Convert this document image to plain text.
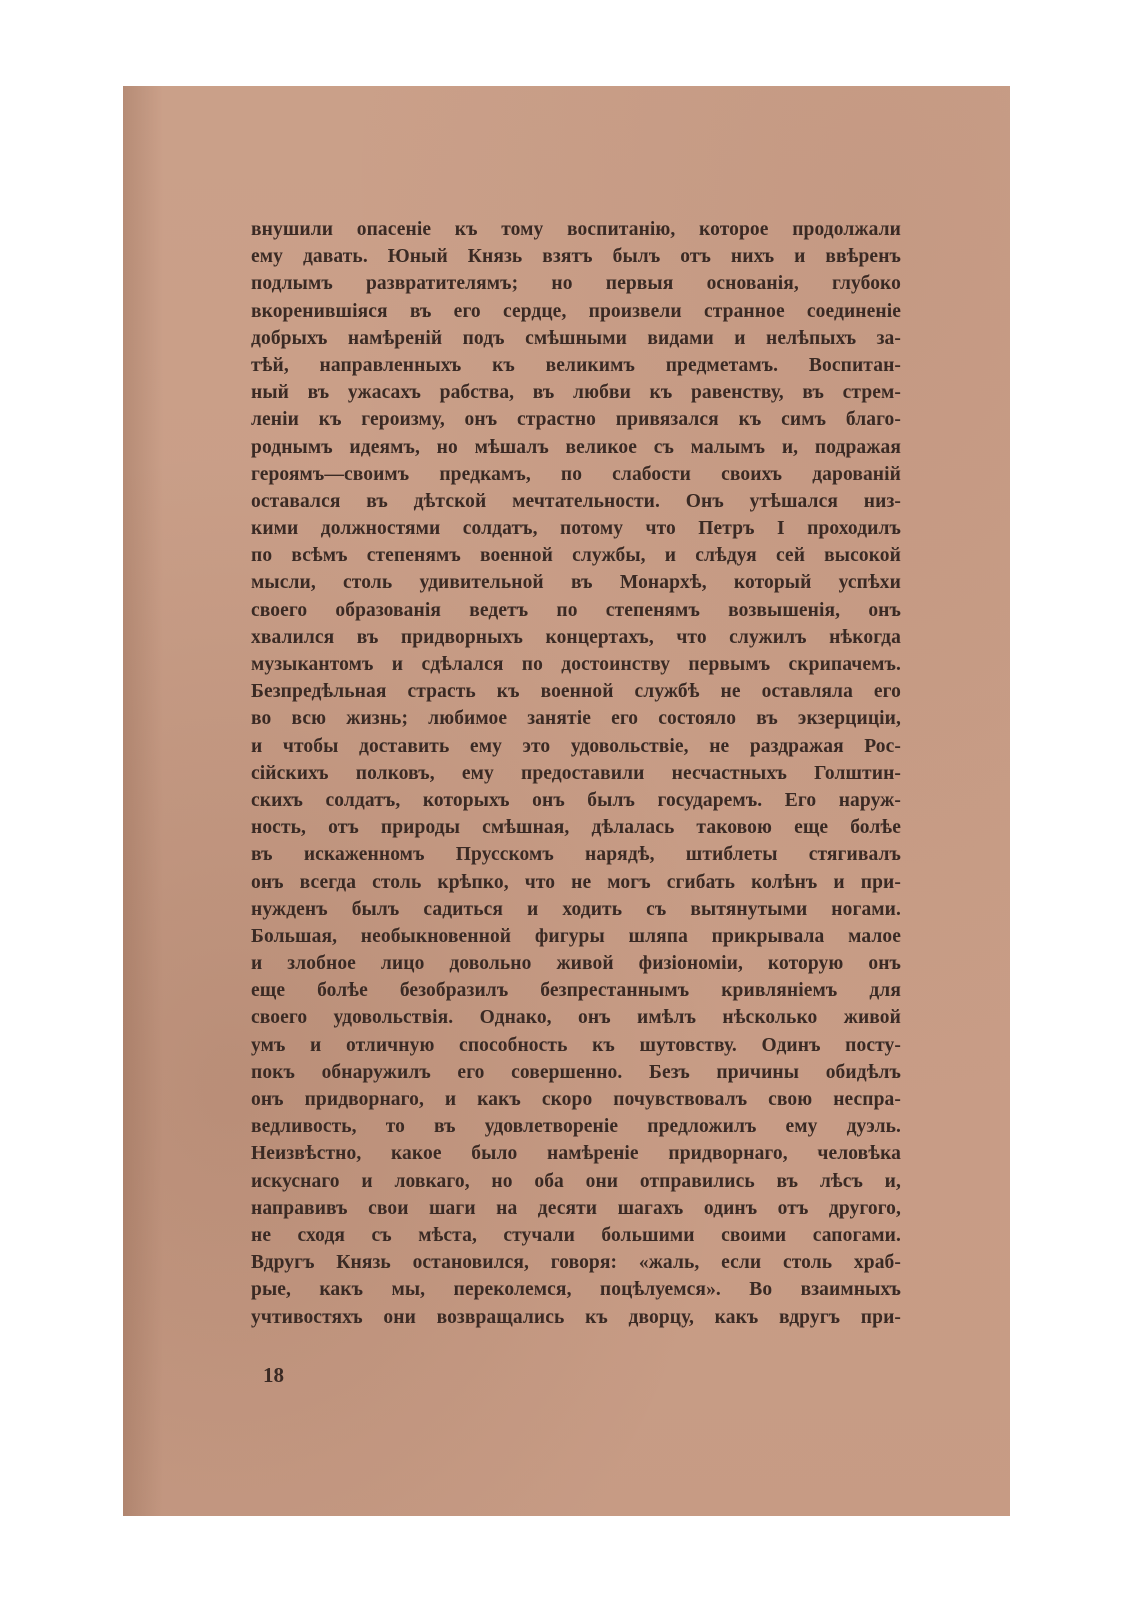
внушили опасенiе къ тому воспитанiю, которое продолжали
ему давать. Юный Князь взятъ былъ отъ нихъ и ввѣренъ
подлымъ развратителямъ; но первыя основанiя, глубоко
вкоренившiяся въ его сердце, произвели странное соединенiе
добрыхъ намѣренiй подъ смѣшными видами и нелѣпыхъ за-
тѣй, направленныхъ къ великимъ предметамъ. Воспитан-
ный въ ужасахъ рабства, въ любви къ равенству, въ стрем-
ленiи къ героизму, онъ страстно привязался къ симъ благо-
роднымъ идеямъ, но мѣшалъ великое съ малымъ и, подражая
героямъ—своимъ предкамъ, по слабости своихъ дарованiй
оставался въ дѣтской мечтательности. Онъ утѣшался низ-
кими должностями солдатъ, потому что Петръ I проходилъ
по всѣмъ степенямъ военной службы, и слѣдуя сей высокой
мысли, столь удивительной въ Монархѣ, который успѣхи
своего образованiя ведетъ по степенямъ возвышенiя, онъ
хвалился въ придворныхъ концертахъ, что служилъ нѣкогда
музыкантомъ и сдѣлался по достоинству первымъ скрипачемъ.
Безпредѣльная страсть къ военной службѣ не оставляла его
во всю жизнь; любимое занятiе его состояло въ экзерцицiи,
и чтобы доставить ему это удовольствiе, не раздражая Рос-
сiйскихъ полковъ, ему предоставили несчастныхъ Голштин-
скихъ солдатъ, которыхъ онъ былъ государемъ. Его наруж-
ность, отъ природы смѣшная, дѣлалась таковою еще болѣе
въ искаженномъ Прусскомъ нарядѣ, штиблеты стягивалъ
онъ всегда столь крѣпко, что не могъ сгибать колѣнъ и при-
нужденъ былъ садиться и ходить съ вытянутыми ногами.
Большая, необыкновенной фигуры шляпа прикрывала малое
и злобное лицо довольно живой физiономiи, которую онъ
еще болѣе безобразилъ безпрестаннымъ кривлянiемъ для
своего удовольствiя. Однако, онъ имѣлъ нѣсколько живой
умъ и отличную способность къ шутовству. Одинъ посту-
покъ обнаружилъ его совершенно. Безъ причины обидѣлъ
онъ придворнаго, и какъ скоро почувствовалъ свою неспра-
ведливость, то въ удовлетворенiе предложилъ ему дуэль.
Неизвѣстно, какое было намѣренiе придворнаго, человѣка
искуснаго и ловкаго, но оба они отправились въ лѣсъ и,
направивъ свои шаги на десяти шагахъ одинъ отъ другого,
не сходя съ мѣста, стучали большими своими сапогами.
Вдругъ Князь остановился, говоря: «жаль, если столь храб-
рые, какъ мы, переколемся, поцѣлуемся». Во взаимныхъ
учтивостяхъ они возвращались къ дворцу, какъ вдругъ при-
18
